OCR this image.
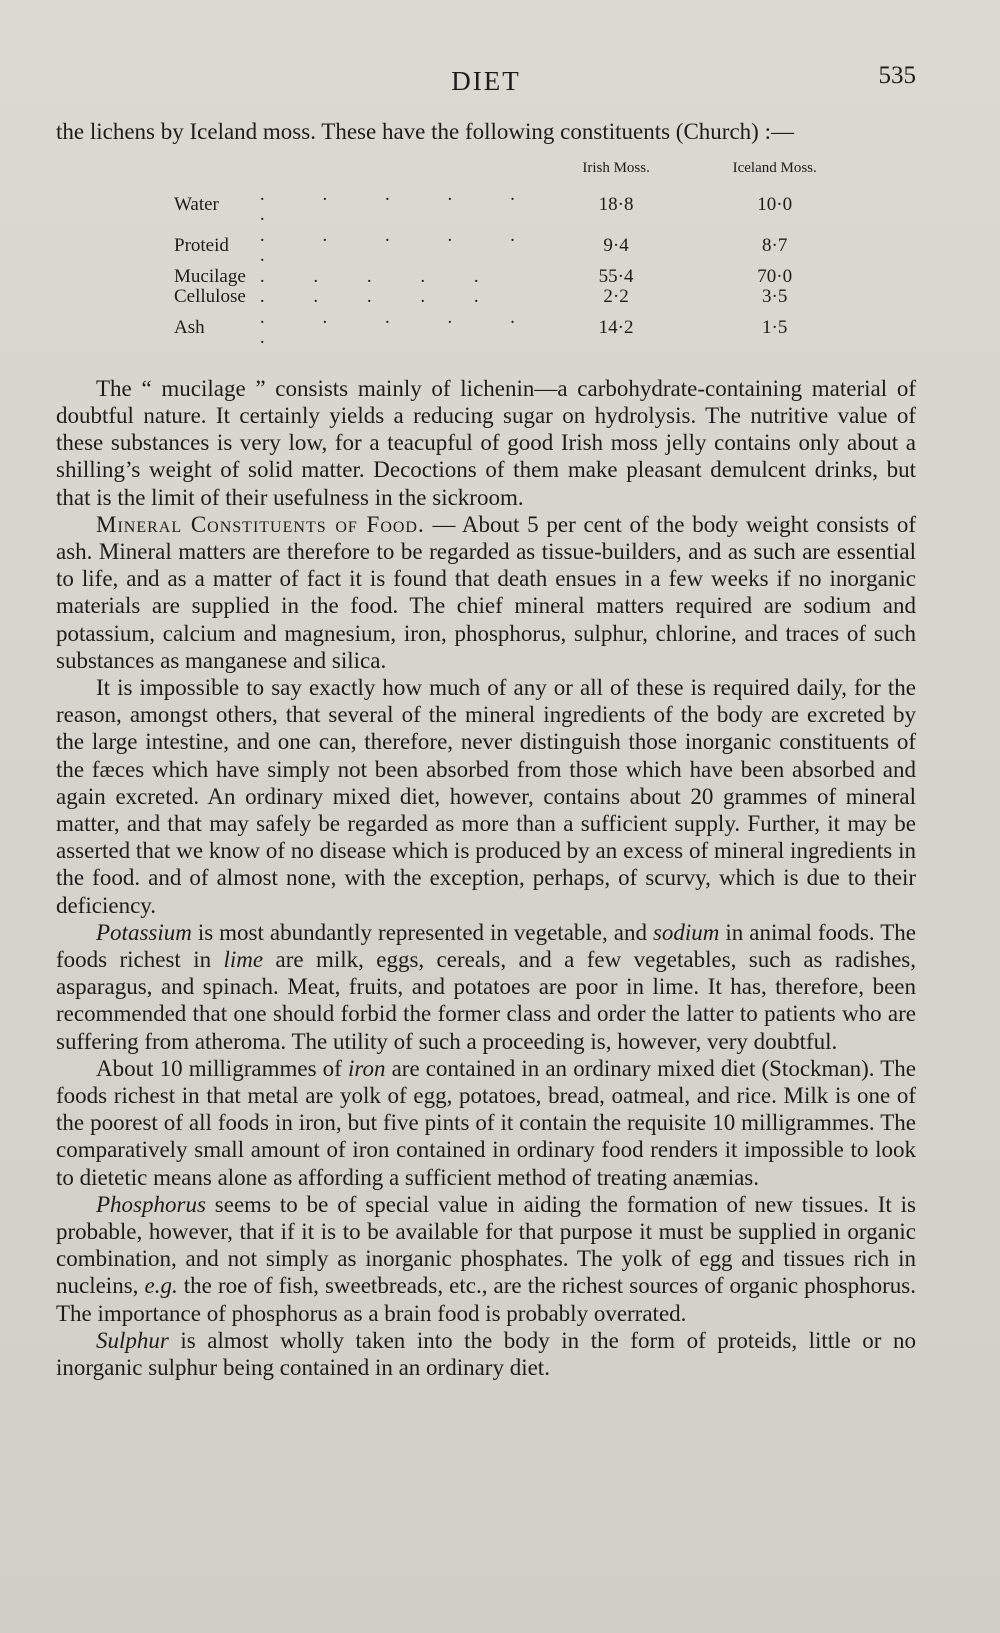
DIET	535

the lichens by Iceland moss. These have the following constituents (Church) :—

		Irish Moss.	Iceland Moss.
Water	. . . . . .	18·8	10·0
Proteid	. . . . . .	9·4	8·7
Mucilage	. . . . .	55·4	70·0
Cellulose	. . . . .	2·2	3·5
Ash	. . . . . .	14·2	1·5

The “ mucilage ” consists mainly of lichenin—a carbohydrate-containing material of doubtful nature. It certainly yields a reducing sugar on hydrolysis. The nutritive value of these substances is very low, for a teacupful of good Irish moss jelly contains only about a shilling’s weight of solid matter. Decoctions of them make pleasant demulcent drinks, but that is the limit of their usefulness in the sickroom.

Mineral Constituents of Food. — About 5 per cent of the body weight consists of ash. Mineral matters are therefore to be regarded as tissue-builders, and as such are essential to life, and as a matter of fact it is found that death ensues in a few weeks if no inorganic materials are supplied in the food. The chief mineral matters required are sodium and potassium, calcium and magnesium, iron, phosphorus, sulphur, chlorine, and traces of such substances as manganese and silica.

It is impossible to say exactly how much of any or all of these is required daily, for the reason, amongst others, that several of the mineral ingredients of the body are excreted by the large intestine, and one can, therefore, never distinguish those inorganic constituents of the fæces which have simply not been absorbed from those which have been absorbed and again excreted. An ordinary mixed diet, however, contains about 20 grammes of mineral matter, and that may safely be regarded as more than a sufficient supply. Further, it may be asserted that we know of no disease which is produced by an excess of mineral ingredients in the food. and of almost none, with the exception, perhaps, of scurvy, which is due to their deficiency.

Potassium is most abundantly represented in vegetable, and sodium in animal foods. The foods richest in lime are milk, eggs, cereals, and a few vegetables, such as radishes, asparagus, and spinach. Meat, fruits, and potatoes are poor in lime. It has, therefore, been recommended that one should forbid the former class and order the latter to patients who are suffering from atheroma. The utility of such a proceeding is, however, very doubtful.

About 10 milligrammes of iron are contained in an ordinary mixed diet (Stockman). The foods richest in that metal are yolk of egg, potatoes, bread, oatmeal, and rice. Milk is one of the poorest of all foods in iron, but five pints of it contain the requisite 10 milligrammes. The comparatively small amount of iron contained in ordinary food renders it impossible to look to dietetic means alone as affording a sufficient method of treating anæmias.

Phosphorus seems to be of special value in aiding the formation of new tissues. It is probable, however, that if it is to be available for that purpose it must be supplied in organic combination, and not simply as inorganic phosphates. The yolk of egg and tissues rich in nucleins, e.g. the roe of fish, sweetbreads, etc., are the richest sources of organic phosphorus. The importance of phosphorus as a brain food is probably overrated.

Sulphur is almost wholly taken into the body in the form of proteids, little or no inorganic sulphur being contained in an ordinary diet.
